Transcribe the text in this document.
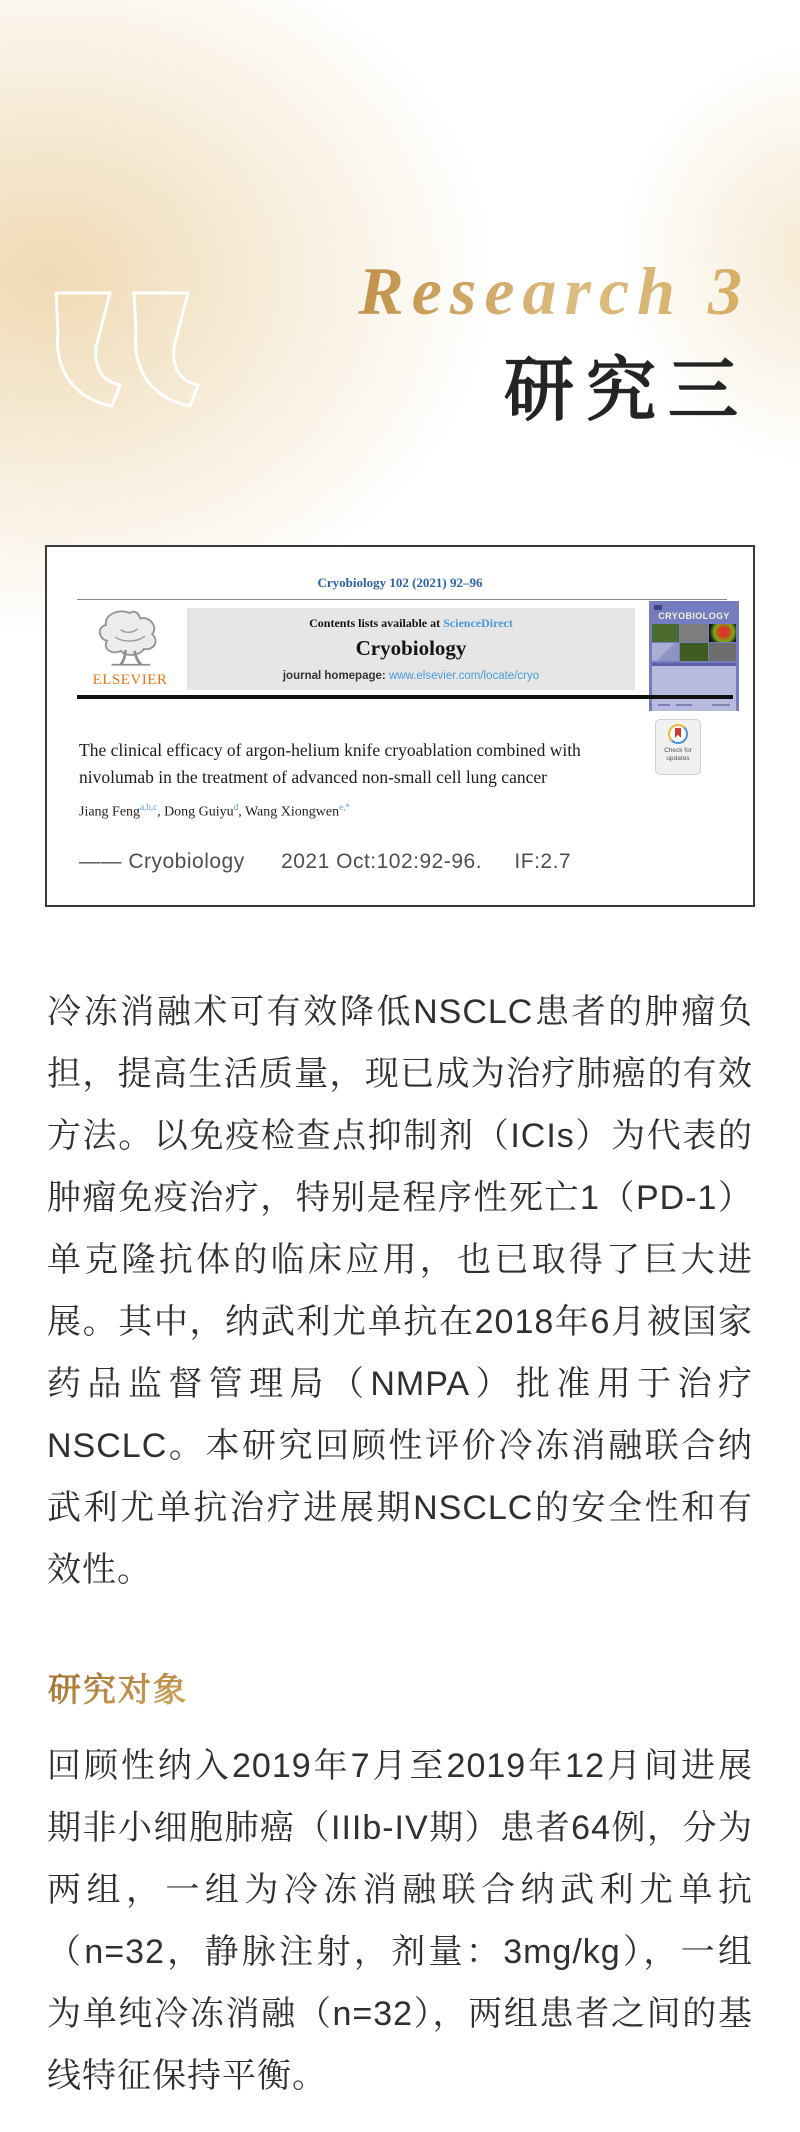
Research 3
研究三
Cryobiology 102 (2021) 92–96
ELSEVIER
Contents lists available at ScienceDirect
Cryobiology
journal homepage: www.elsevier.com/locate/cryo
CRYOBIOLOGY
The clinical efficacy of argon-helium knife cryoablation combined with nivolumab in the treatment of advanced non-small cell lung cancer
Check for
updates
Jiang Feng$^{a,b,c}$, Dong Guiyu$^d$, Wang Xiongwen$^{e,*}$
—— Cryobiology 2021 Oct:102:92-96. IF:2.7
冷冻消融术可有效降低NSCLC患者的肿瘤负担，提高生活质量，现已成为治疗肺癌的有效方法。以免疫检查点抑制剂（ICIs）为代表的肿瘤免疫治疗，特别是程序性死亡1（PD-1）单克隆抗体的临床应用，也已取得了巨大进展。其中，纳武利尤单抗在2018年6月被国家药品监督管理局（NMPA）批准用于治疗NSCLC。本研究回顾性评价冷冻消融联合纳武利尤单抗治疗进展期NSCLC的安全性和有效性。
研究对象
回顾性纳入2019年7月至2019年12月间进展期非小细胞肺癌（IIIb-IV期）患者64例，分为两组，一组为冷冻消融联合纳武利尤单抗（n=32，静脉注射，剂量：3mg/kg），一组为单纯冷冻消融（n=32），两组患者之间的基线特征保持平衡。
